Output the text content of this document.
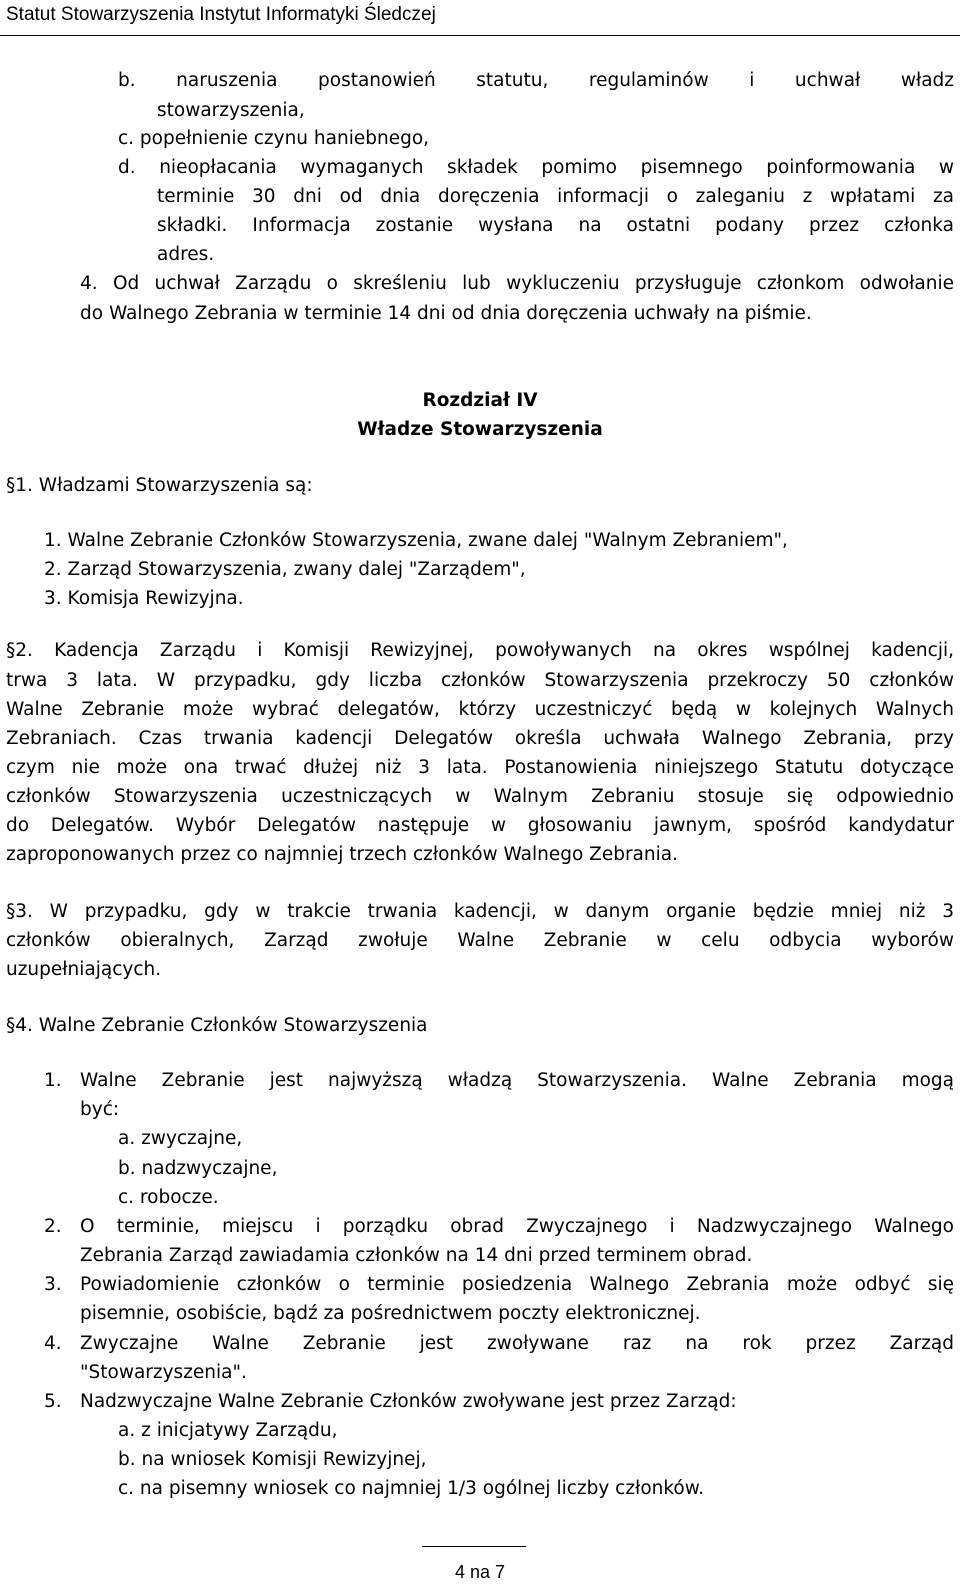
Statut Stowarzyszenia Instytut Informatyki Śledczej
b. naruszenia postanowień statutu, regulaminów i uchwał władz
stowarzyszenia,
c. popełnienie czynu haniebnego,
d. nieopłacania wymaganych składek pomimo pisemnego poinformowania w
terminie 30 dni od dnia doręczenia informacji o zaleganiu z wpłatami za
składki. Informacja zostanie wysłana na ostatni podany przez członka
adres.
4. Od uchwał Zarządu o skreśleniu lub wykluczeniu przysługuje członkom odwołanie
do Walnego Zebrania w terminie 14 dni od dnia doręczenia uchwały na piśmie.
Rozdział IV
Władze Stowarzyszenia
§1. Władzami Stowarzyszenia są:
1. Walne Zebranie Członków Stowarzyszenia, zwane dalej "Walnym Zebraniem",
2. Zarząd Stowarzyszenia, zwany dalej "Zarządem",
3. Komisja Rewizyjna.
§2. Kadencja Zarządu i Komisji Rewizyjnej, powoływanych na okres wspólnej kadencji,
trwa 3 lata. W przypadku, gdy liczba członków Stowarzyszenia przekroczy 50 członków
Walne Zebranie może wybrać delegatów, którzy uczestniczyć będą w kolejnych Walnych
Zebraniach. Czas trwania kadencji Delegatów określa uchwała Walnego Zebrania, przy
czym nie może ona trwać dłużej niż 3 lata. Postanowienia niniejszego Statutu dotyczące
członków Stowarzyszenia uczestniczących w Walnym Zebraniu stosuje się odpowiednio
do Delegatów. Wybór Delegatów następuje w głosowaniu jawnym, spośród kandydatur
zaproponowanych przez co najmniej trzech członków Walnego Zebrania.
§3. W przypadku, gdy w trakcie trwania kadencji, w danym organie będzie mniej niż 3
członków obieralnych, Zarząd zwołuje Walne Zebranie w celu odbycia wyborów
uzupełniających.
§4. Walne Zebranie Członków Stowarzyszenia
1. Walne Zebranie jest najwyższą władzą Stowarzyszenia. Walne Zebrania mogą
być:
a. zwyczajne,
b. nadzwyczajne,
c. robocze.
2. O terminie, miejscu i porządku obrad Zwyczajnego i Nadzwyczajnego Walnego
Zebrania Zarząd zawiadamia członków na 14 dni przed terminem obrad.
3. Powiadomienie członków o terminie posiedzenia Walnego Zebrania może odbyć się
pisemnie, osobiście, bądź za pośrednictwem poczty elektronicznej.
4. Zwyczajne Walne Zebranie jest zwoływane raz na rok przez Zarząd
"Stowarzyszenia".
5. Nadzwyczajne Walne Zebranie Członków zwoływane jest przez Zarząd:
a. z inicjatywy Zarządu,
b. na wniosek Komisji Rewizyjnej,
c. na pisemny wniosek co najmniej 1/3 ogólnej liczby członków.
4 na 7
